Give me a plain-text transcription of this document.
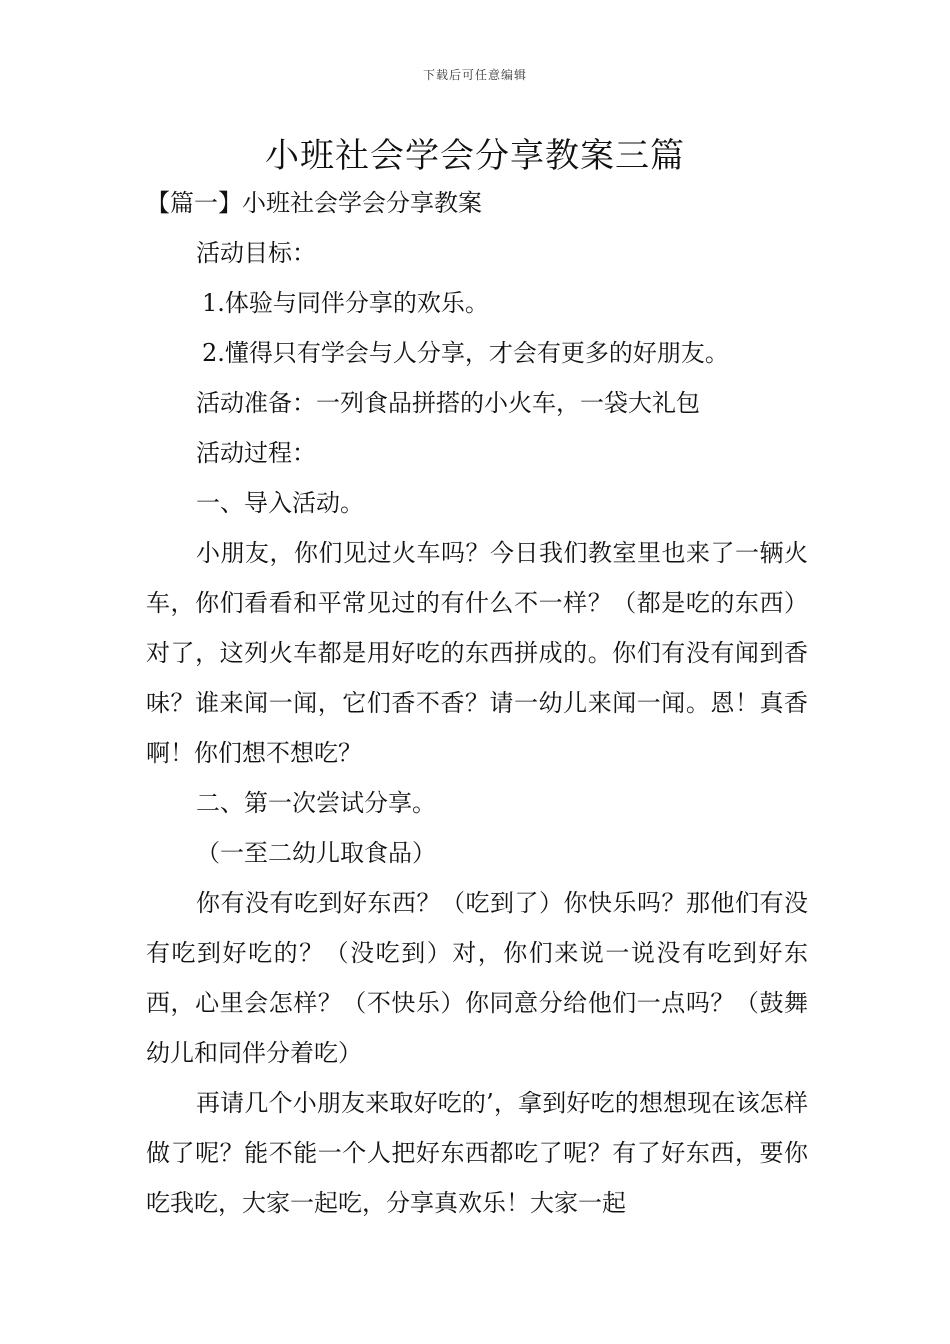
下载后可任意编辑
小班社会学会分享教案三篇

【篇一】小班社会学会分享教案

活动目标：

1.体验与同伴分享的欢乐。

2.懂得只有学会与人分享，才会有更多的好朋友。

活动准备：一列食品拼搭的小火车，一袋大礼包

活动过程：

一、导入活动。

小朋友，你们见过火车吗？今日我们教室里也来了一辆火车，你们看看和平常见过的有什么不一样？（都是吃的东西）对了，这列火车都是用好吃的东西拼成的。你们有没有闻到香味？谁来闻一闻，它们香不香？请一幼儿来闻一闻。恩！真香啊！你们想不想吃？

二、第一次尝试分享。

（一至二幼儿取食品）

你有没有吃到好东西？（吃到了）你快乐吗？那他们有没有吃到好吃的？（没吃到）对，你们来说一说没有吃到好东西，心里会怎样？（不快乐）你同意分给他们一点吗？（鼓舞幼儿和同伴分着吃）

再请几个小朋友来取好吃的’，拿到好吃的想想现在该怎样做了呢？能不能一个人把好东西都吃了呢？有了好东西，要你吃我吃，大家一起吃，分享真欢乐！大家一起
